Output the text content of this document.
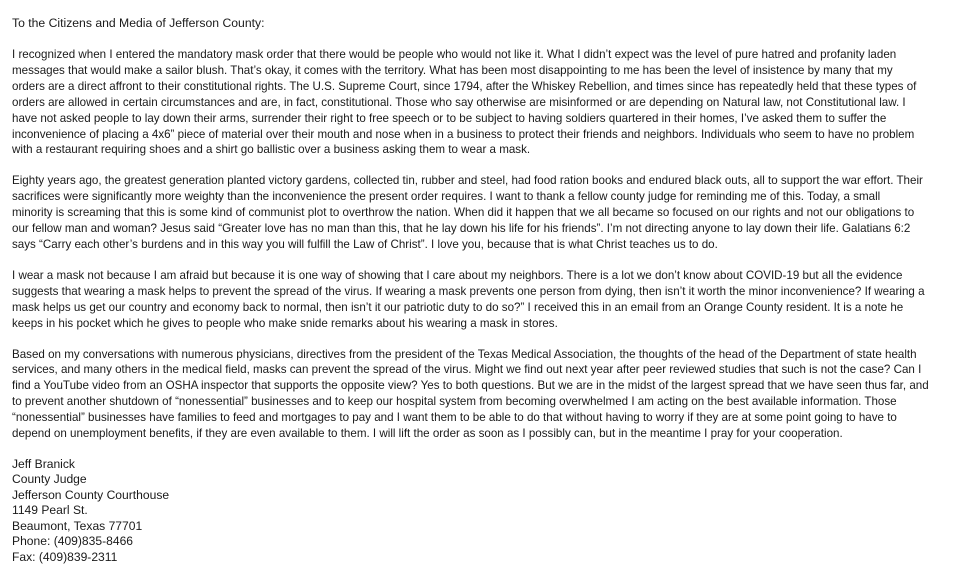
To the Citizens and Media of Jefferson County:
I recognized when I entered the mandatory mask order that there would be people who would not like it. What I didn’t expect was the level of pure hatred and profanity laden
messages that would make a sailor blush. That’s okay, it comes with the territory. What has been most disappointing to me has been the level of insistence by many that my
orders are a direct affront to their constitutional rights. The U.S. Supreme Court, since 1794, after the Whiskey Rebellion, and times since has repeatedly held that these types of
orders are allowed in certain circumstances and are, in fact, constitutional. Those who say otherwise are misinformed or are depending on Natural law, not Constitutional law. I
have not asked people to lay down their arms, surrender their right to free speech or to be subject to having soldiers quartered in their homes, I’ve asked them to suffer the
inconvenience of placing a 4x6” piece of material over their mouth and nose when in a business to protect their friends and neighbors. Individuals who seem to have no problem
with a restaurant requiring shoes and a shirt go ballistic over a business asking them to wear a mask.
Eighty years ago, the greatest generation planted victory gardens, collected tin, rubber and steel, had food ration books and endured black outs, all to support the war effort. Their
sacrifices were significantly more weighty than the inconvenience the present order requires. I want to thank a fellow county judge for reminding me of this. Today, a small
minority is screaming that this is some kind of communist plot to overthrow the nation. When did it happen that we all became so focused on our rights and not our obligations to
our fellow man and woman? Jesus said “Greater love has no man than this, that he lay down his life for his friends”. I’m not directing anyone to lay down their life. Galatians 6:2
says “Carry each other’s burdens and in this way you will fulfill the Law of Christ”. I love you, because that is what Christ teaches us to do.
I wear a mask not because I am afraid but because it is one way of showing that I care about my neighbors. There is a lot we don’t know about COVID-19 but all the evidence
suggests that wearing a mask helps to prevent the spread of the virus. If wearing a mask prevents one person from dying, then isn’t it worth the minor inconvenience? If wearing a
mask helps us get our country and economy back to normal, then isn’t it our patriotic duty to do so?” I received this in an email from an Orange County resident. It is a note he
keeps in his pocket which he gives to people who make snide remarks about his wearing a mask in stores.
Based on my conversations with numerous physicians, directives from the president of the Texas Medical Association, the thoughts of the head of the Department of state health
services, and many others in the medical field, masks can prevent the spread of the virus. Might we find out next year after peer reviewed studies that such is not the case? Can I
find a YouTube video from an OSHA inspector that supports the opposite view? Yes to both questions. But we are in the midst of the largest spread that we have seen thus far, and
to prevent another shutdown of “nonessential” businesses and to keep our hospital system from becoming overwhelmed I am acting on the best available information. Those
“nonessential” businesses have families to feed and mortgages to pay and I want them to be able to do that without having to worry if they are at some point going to have to
depend on unemployment benefits, if they are even available to them. I will lift the order as soon as I possibly can, but in the meantime I pray for your cooperation.
Jeff Branick
County Judge
Jefferson County Courthouse
1149 Pearl St.
Beaumont, Texas 77701
Phone: (409)835-8466
Fax: (409)839-2311
